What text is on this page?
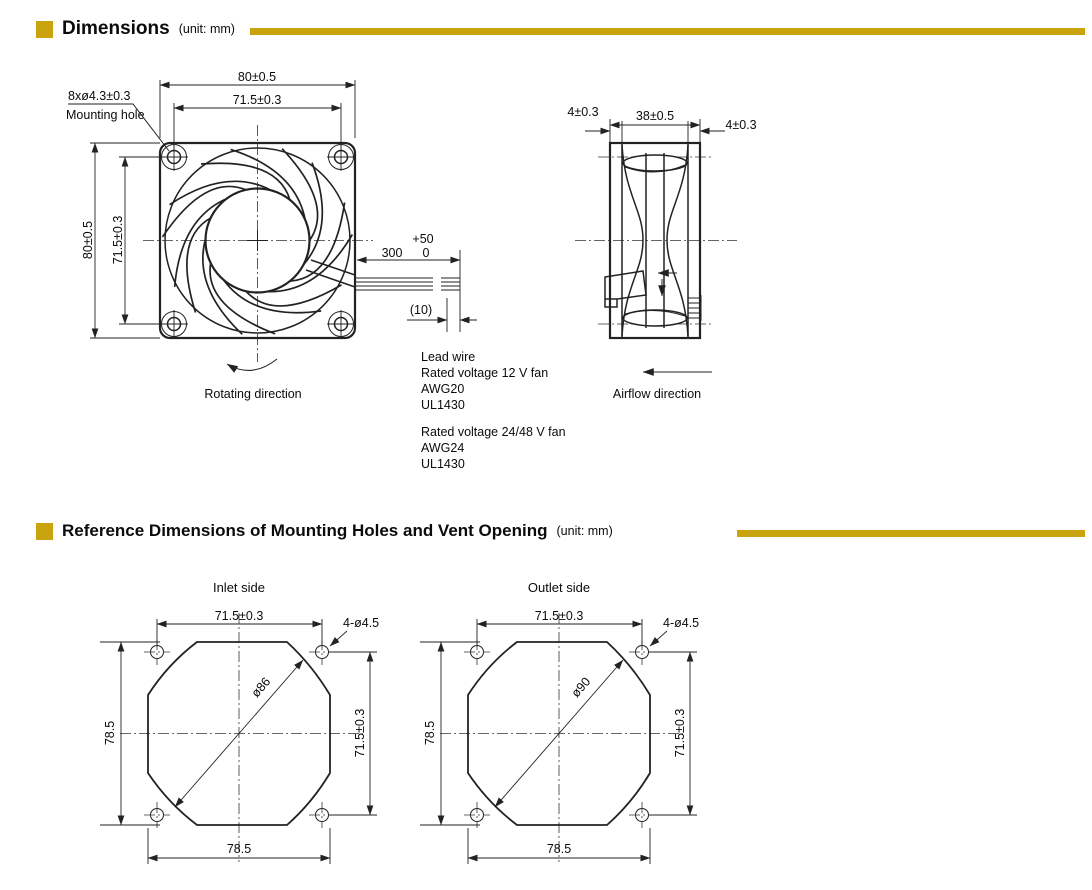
Dimensions (unit: mm)
80±0.5
71.5±0.3
80±0.5 71.5±0.3
8xø4.3±0.3
Mounting hole
300
+50
0
(10)
Rotating direction
38±0.5
4±0.3
4±0.3
Airflow direction
Lead wire
Rated voltage 12 V fan
AWG20
UL1430
Rated voltage 24/48 V fan
AWG24
UL1430
Reference Dimensions of Mounting Holes and Vent Opening (unit: mm)
Inlet side
71.5±0.3	4-ø4.5
ø86
78.5	71.5±0.3
78.5
Outlet side
71.5±0.3	4-ø4.5
ø90
78.5	71.5±0.3
78.5
